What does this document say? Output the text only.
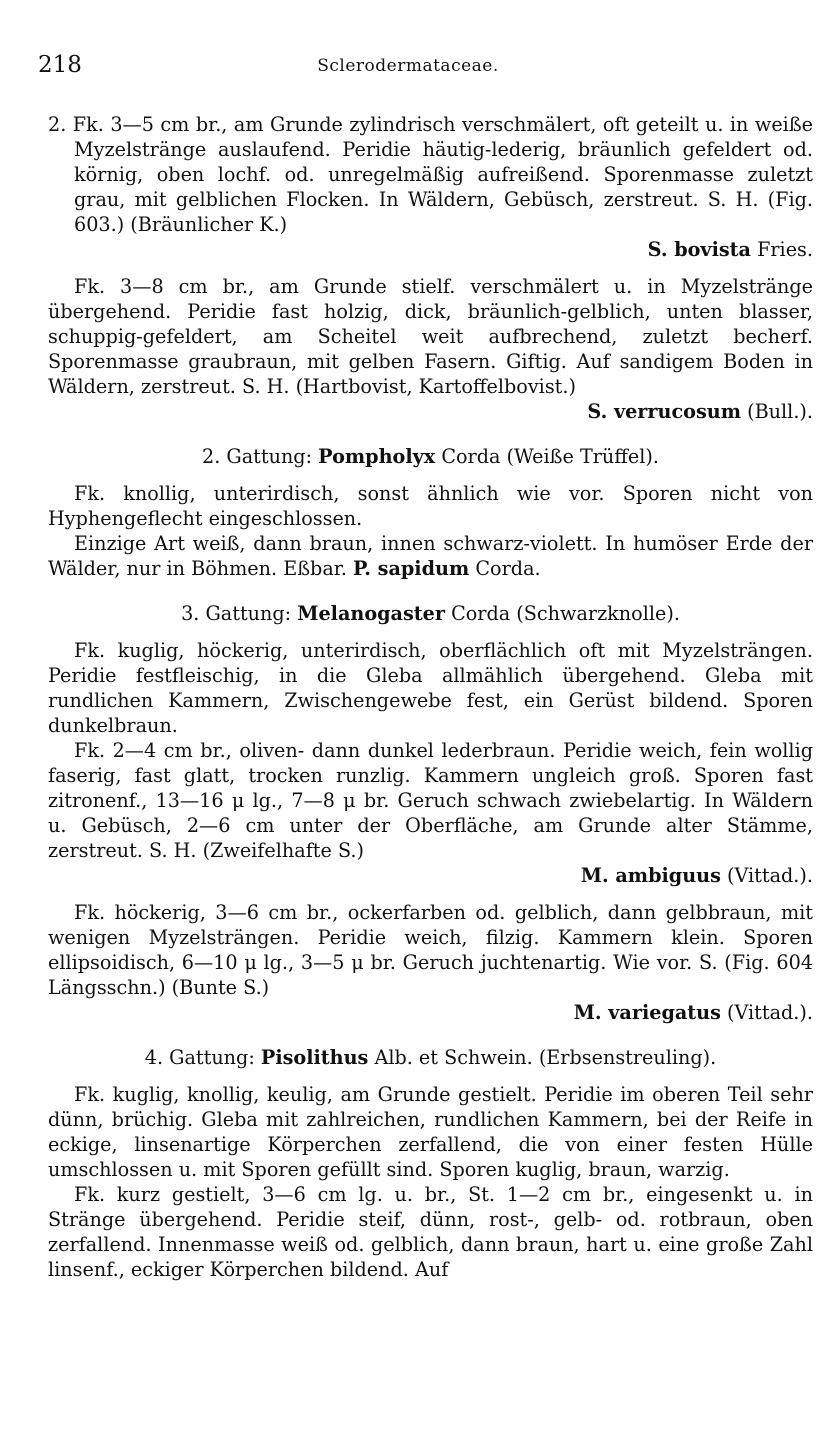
218	Sclerodermataceae.

2. Fk. 3—5 cm br., am Grunde zylindrisch verschmälert, oft geteilt u. in weiße Myzelstränge auslaufend. Peridie häutig-lederig, bräunlich gefeldert od. körnig, oben lochf. od. unregelmäßig aufreißend. Sporenmasse zuletzt grau, mit gelblichen Flocken. In Wäldern, Gebüsch, zerstreut. S. H. (Fig. 603.) (Bräunlicher K.)

S. bovista Fries.

Fk. 3—8 cm br., am Grunde stielf. verschmälert u. in Myzelstränge übergehend. Peridie fast holzig, dick, bräunlich-gelblich, unten blasser, schuppig-gefeldert, am Scheitel weit aufbrechend, zuletzt becherf. Sporenmasse graubraun, mit gelben Fasern. Giftig. Auf sandigem Boden in Wäldern, zerstreut. S. H. (Hartbovist, Kartoffelbovist.)

S. verrucosum (Bull.).

2. Gattung: Pompholyx Corda (Weiße Trüffel).

Fk. knollig, unterirdisch, sonst ähnlich wie vor. Sporen nicht von Hyphengeflecht eingeschlossen.

Einzige Art weiß, dann braun, innen schwarz-violett. In humöser Erde der Wälder, nur in Böhmen. Eßbar. P. sapidum Corda.

3. Gattung: Melanogaster Corda (Schwarzknolle).

Fk. kuglig, höckerig, unterirdisch, oberflächlich oft mit Myzelsträngen. Peridie festfleischig, in die Gleba allmählich übergehend. Gleba mit rundlichen Kammern, Zwischengewebe fest, ein Gerüst bildend. Sporen dunkelbraun.

Fk. 2—4 cm br., oliven- dann dunkel lederbraun. Peridie weich, fein wollig faserig, fast glatt, trocken runzlig. Kammern ungleich groß. Sporen fast zitronenf., 13—16 μ lg., 7—8 μ br. Geruch schwach zwiebelartig. In Wäldern u. Gebüsch, 2—6 cm unter der Oberfläche, am Grunde alter Stämme, zerstreut. S. H. (Zweifelhafte S.)

M. ambiguus (Vittad.).

Fk. höckerig, 3—6 cm br., ockerfarben od. gelblich, dann gelbbraun, mit wenigen Myzelsträngen. Peridie weich, filzig. Kammern klein. Sporen ellipsoidisch, 6—10 μ lg., 3—5 μ br. Geruch juchtenartig. Wie vor. S. (Fig. 604 Längsschn.) (Bunte S.)

M. variegatus (Vittad.).

4. Gattung: Pisolithus Alb. et Schwein. (Erbsenstreuling).

Fk. kuglig, knollig, keulig, am Grunde gestielt. Peridie im oberen Teil sehr dünn, brüchig. Gleba mit zahlreichen, rundlichen Kammern, bei der Reife in eckige, linsenartige Körperchen zerfallend, die von einer festen Hülle umschlossen u. mit Sporen gefüllt sind. Sporen kuglig, braun, warzig.

Fk. kurz gestielt, 3—6 cm lg. u. br., St. 1—2 cm br., eingesenkt u. in Stränge übergehend. Peridie steif, dünn, rost-, gelb- od. rotbraun, oben zerfallend. Innenmasse weiß od. gelblich, dann braun, hart u. eine große Zahl linsenf., eckiger Körperchen bildend. Auf
